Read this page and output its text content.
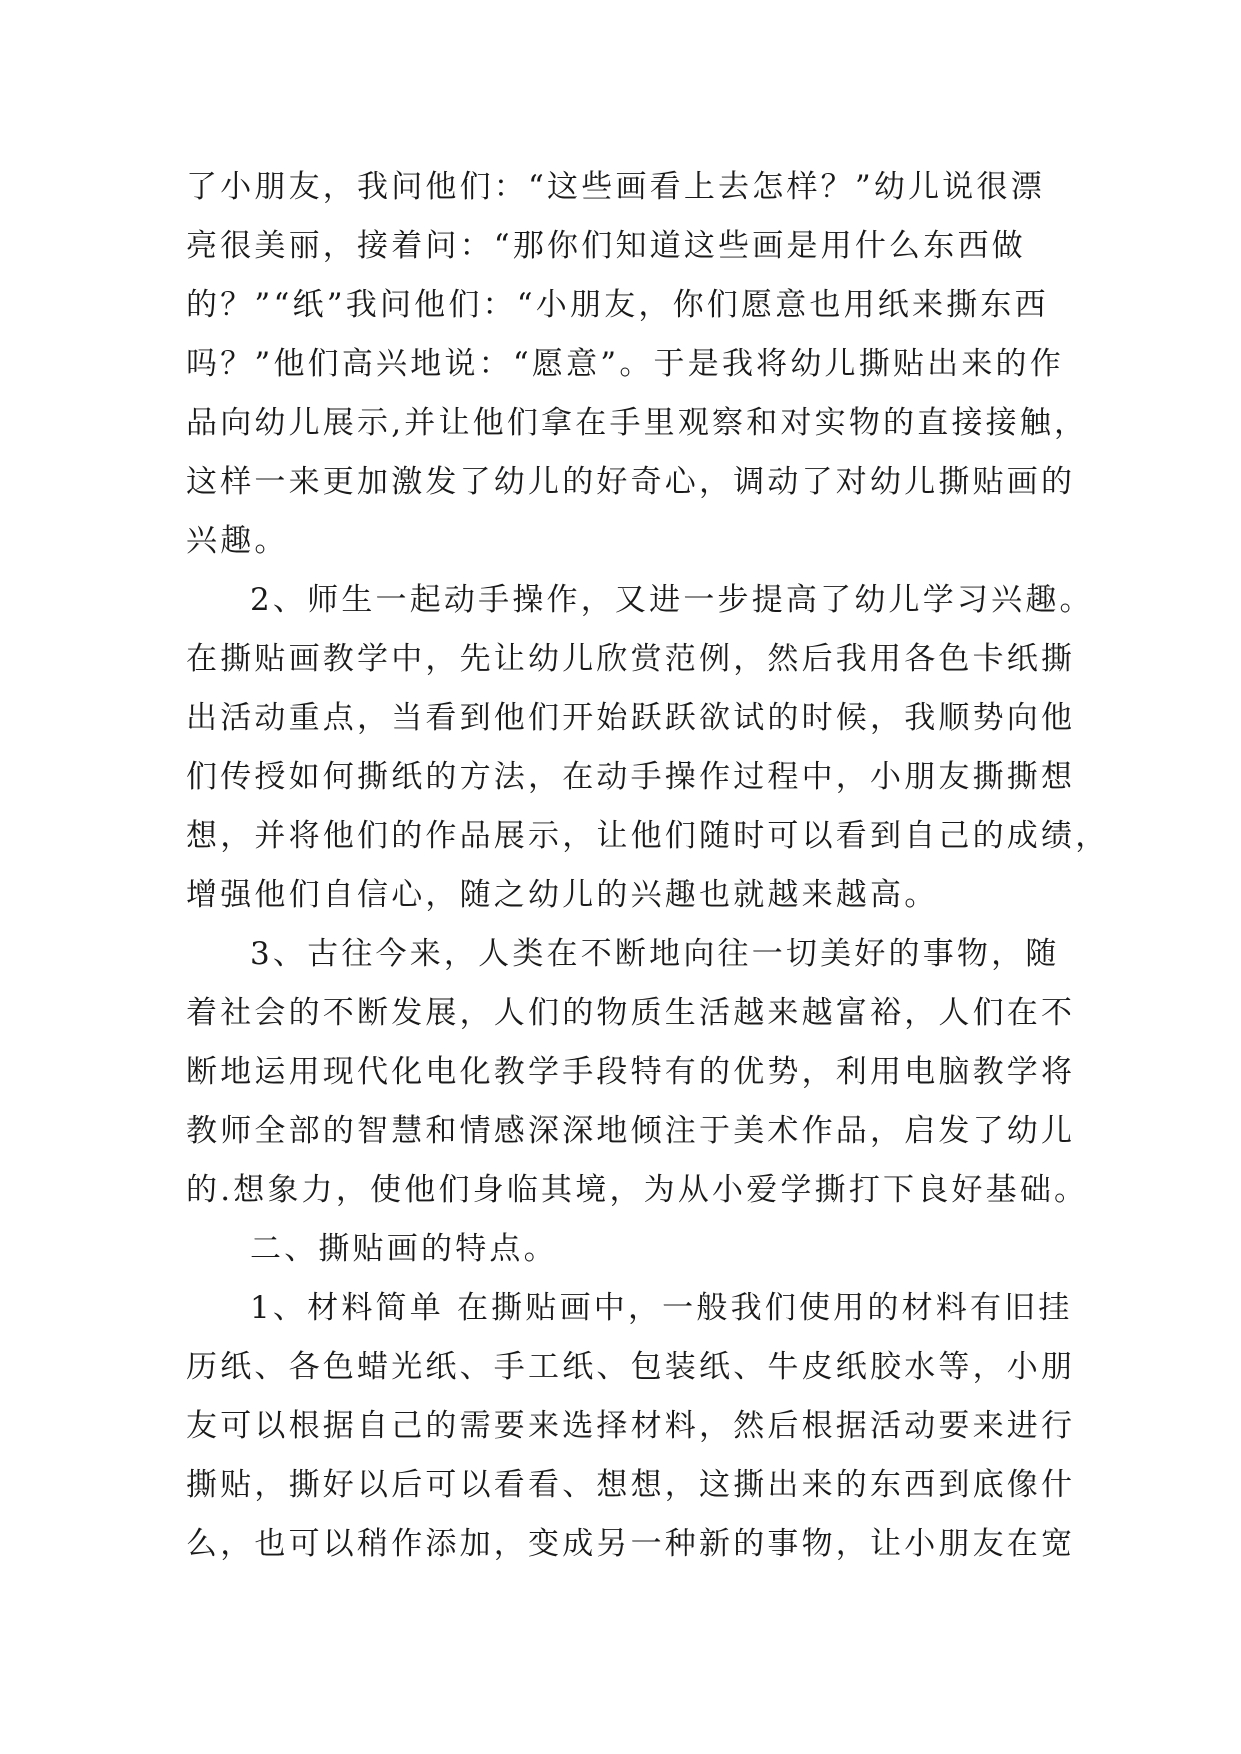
了小朋友，我问他们：“这些画看上去怎样？”幼儿说很漂
亮很美丽，接着问：“那你们知道这些画是用什么东西做
的？”“纸”我问他们：“小朋友，你们愿意也用纸来撕东西
吗？”他们高兴地说：“愿意”。于是我将幼儿撕贴出来的作
品向幼儿展示,并让他们拿在手里观察和对实物的直接接触，
这样一来更加激发了幼儿的好奇心，调动了对幼儿撕贴画的
兴趣。
2、师生一起动手操作，又进一步提高了幼儿学习兴趣。
在撕贴画教学中，先让幼儿欣赏范例，然后我用各色卡纸撕
出活动重点，当看到他们开始跃跃欲试的时候，我顺势向他
们传授如何撕纸的方法，在动手操作过程中，小朋友撕撕想
想，并将他们的作品展示，让他们随时可以看到自己的成绩，
增强他们自信心，随之幼儿的兴趣也就越来越高。
3、古往今来，人类在不断地向往一切美好的事物，随
着社会的不断发展，人们的物质生活越来越富裕，人们在不
断地运用现代化电化教学手段特有的优势，利用电脑教学将
教师全部的智慧和情感深深地倾注于美术作品，启发了幼儿
的.想象力，使他们身临其境，为从小爱学撕打下良好基础。
二、撕贴画的特点。
1、材料简单 在撕贴画中，一般我们使用的材料有旧挂
历纸、各色蜡光纸、手工纸、包装纸、牛皮纸胶水等，小朋
友可以根据自己的需要来选择材料，然后根据活动要来进行
撕贴，撕好以后可以看看、想想，这撕出来的东西到底像什
么，也可以稍作添加，变成另一种新的事物，让小朋友在宽
